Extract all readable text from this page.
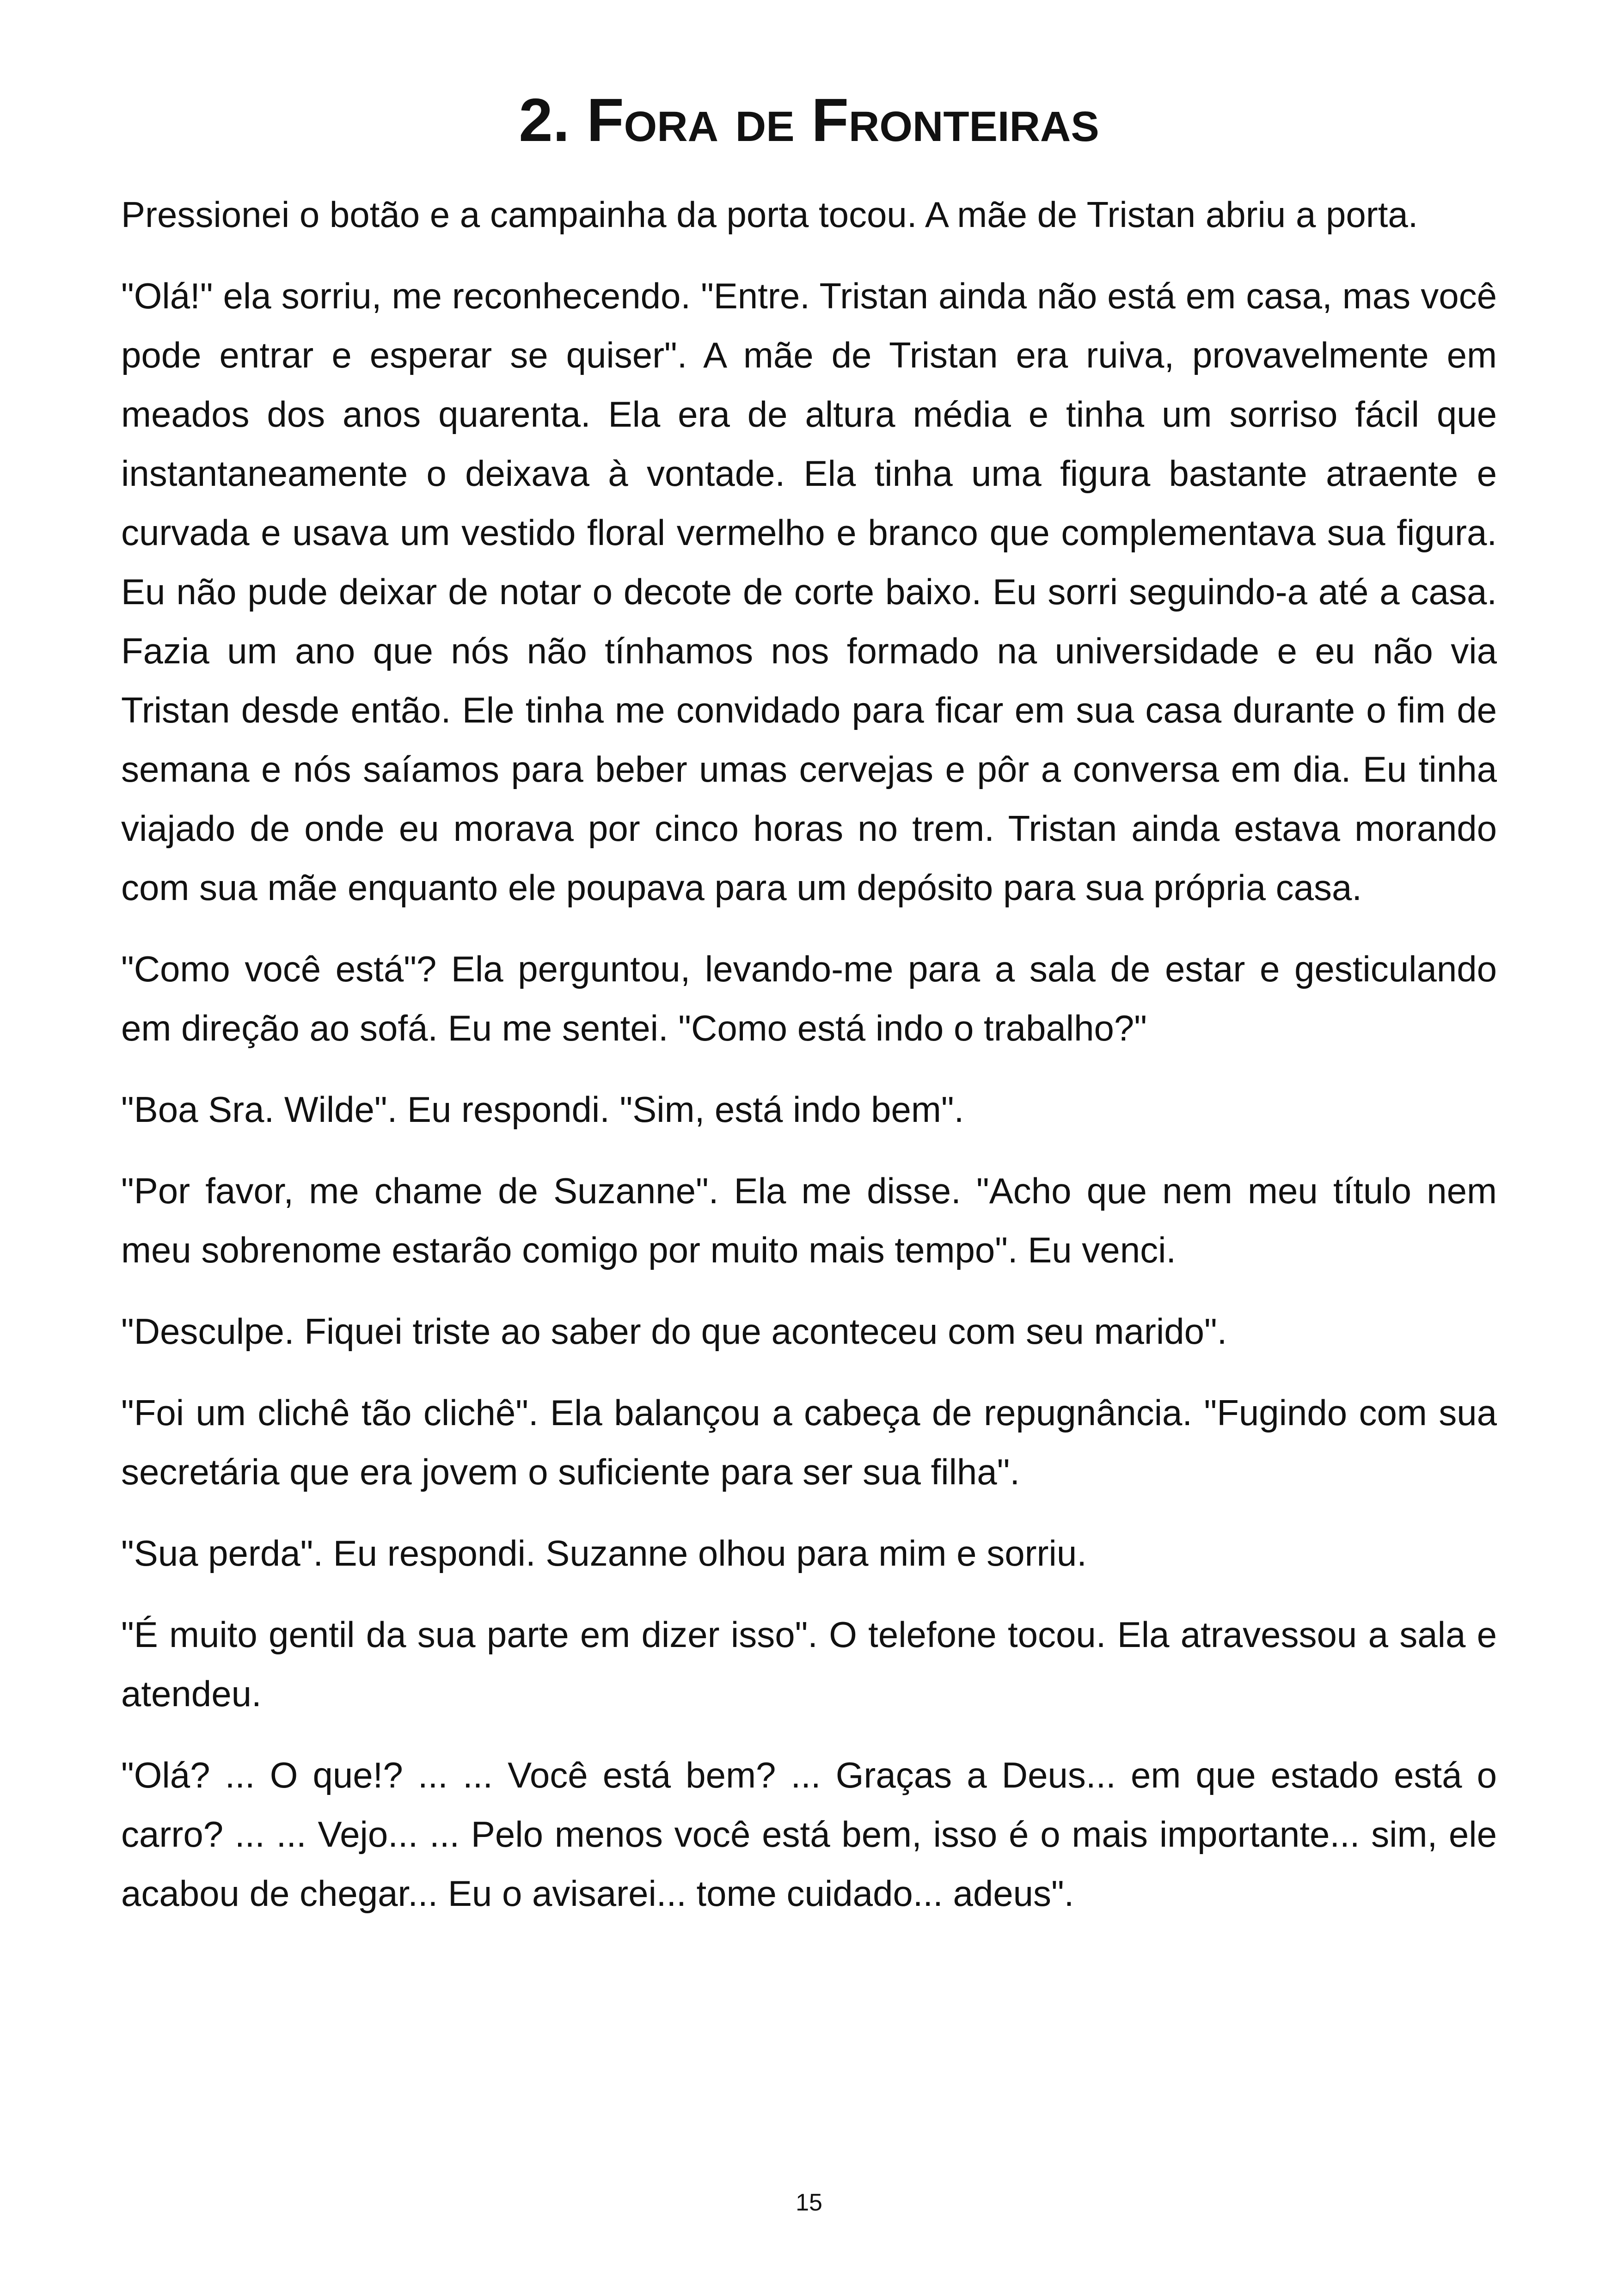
2. Fora de Fronteiras

Pressionei o botão e a campainha da porta tocou. A mãe de Tristan abriu a porta.

"Olá!" ela sorriu, me reconhecendo. "Entre. Tristan ainda não está em casa, mas você pode entrar e esperar se quiser". A mãe de Tristan era ruiva, provavelmente em meados dos anos quarenta. Ela era de altura média e tinha um sorriso fácil que instantaneamente o deixava à vontade. Ela tinha uma figura bastante atraente e curvada e usava um vestido floral vermelho e branco que complementava sua figura. Eu não pude deixar de notar o decote de corte baixo. Eu sorri seguindo-a até a casa. Fazia um ano que nós não tínhamos nos formado na universidade e eu não via Tristan desde então. Ele tinha me convidado para ficar em sua casa durante o fim de semana e nós saíamos para beber umas cervejas e pôr a conversa em dia. Eu tinha viajado de onde eu morava por cinco horas no trem. Tristan ainda estava morando com sua mãe enquanto ele poupava para um depósito para sua própria casa.

"Como você está"? Ela perguntou, levando-me para a sala de estar e gesticulando em direção ao sofá. Eu me sentei. "Como está indo o trabalho?"

"Boa Sra. Wilde". Eu respondi. "Sim, está indo bem".

"Por favor, me chame de Suzanne". Ela me disse. "Acho que nem meu título nem meu sobrenome estarão comigo por muito mais tempo". Eu venci.

"Desculpe. Fiquei triste ao saber do que aconteceu com seu marido".

"Foi um clichê tão clichê". Ela balançou a cabeça de repugnância. "Fugindo com sua secretária que era jovem o suficiente para ser sua filha".

"Sua perda". Eu respondi. Suzanne olhou para mim e sorriu.

"É muito gentil da sua parte em dizer isso". O telefone tocou. Ela atravessou a sala e atendeu.

"Olá? ... O que!? ... ... Você está bem? ... Graças a Deus... em que estado está o carro? ... ... Vejo... ... Pelo menos você está bem, isso é o mais importante... sim, ele acabou de chegar... Eu o avisarei... tome cuidado... adeus".

15
